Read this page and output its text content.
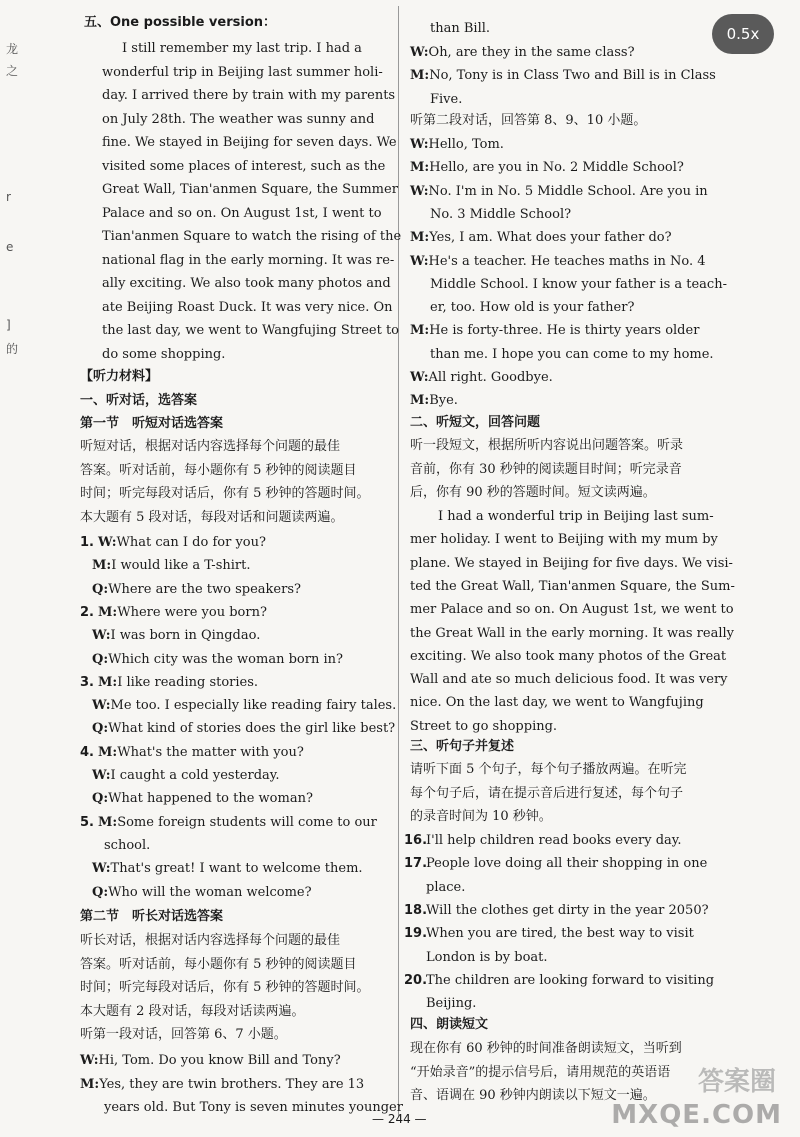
0.5x
龙
之
r
e
]
的
五、One possible version：
I still remember my last trip. I had a
wonderful trip in Beijing last summer holi-
day. I arrived there by train with my parents
on July 28th. The weather was sunny and
fine. We stayed in Beijing for seven days. We
visited some places of interest, such as the
Great Wall, Tian'anmen Square, the Summer
Palace and so on. On August 1st, I went to
Tian'anmen Square to watch the rising of the
national flag in the early morning. It was re-
ally exciting. We also took many photos and
ate Beijing Roast Duck. It was very nice. On
the last day, we went to Wangfujing Street to
do some shopping.
【听力材料】
一、听对话，选答案
第一节　听短对话选答案
听短对话，根据对话内容选择每个问题的最佳
答案。听对话前，每小题你有 5 秒钟的阅读题目
时间；听完每段对话后，你有 5 秒钟的答题时间。
本大题有 5 段对话，每段对话和问题读两遍。
1. W:What can I do for you?
M:I would like a T-shirt.
Q:Where are the two speakers?
2. M:Where were you born?
W:I was born in Qingdao.
Q:Which city was the woman born in?
3. M:I like reading stories.
W:Me too. I especially like reading fairy tales.
Q:What kind of stories does the girl like best?
4. M:What's the matter with you?
W:I caught a cold yesterday.
Q:What happened to the woman?
5. M:Some foreign students will come to our
school.
W:That's great! I want to welcome them.
Q:Who will the woman welcome?
第二节　听长对话选答案
听长对话，根据对话内容选择每个问题的最佳
答案。听对话前，每小题你有 5 秒钟的阅读题目
时间；听完每段对话后，你有 5 秒钟的答题时间。
本大题有 2 段对话，每段对话读两遍。
听第一段对话，回答第 6、7 小题。
W:Hi, Tom. Do you know Bill and Tony?
M:Yes, they are twin brothers. They are 13
years old. But Tony is seven minutes younger
than Bill.
W:Oh, are they in the same class?
M:No, Tony is in Class Two and Bill is in Class
Five.
听第二段对话，回答第 8、9、10 小题。
W:Hello, Tom.
M:Hello, are you in No. 2 Middle School?
W:No. I'm in No. 5 Middle School. Are you in
No. 3 Middle School?
M:Yes, I am. What does your father do?
W:He's a teacher. He teaches maths in No. 4
Middle School. I know your father is a teach-
er, too. How old is your father?
M:He is forty-three. He is thirty years older
than me. I hope you can come to my home.
W:All right. Goodbye.
M:Bye.
二、听短文，回答问题
听一段短文，根据所听内容说出问题答案。听录
音前，你有 30 秒钟的阅读题目时间；听完录音
后，你有 90 秒的答题时间。短文读两遍。
I had a wonderful trip in Beijing last sum-
mer holiday. I went to Beijing with my mum by
plane. We stayed in Beijing for five days. We visi-
ted the Great Wall, Tian'anmen Square, the Sum-
mer Palace and so on. On August 1st, we went to
the Great Wall in the early morning. It was really
exciting. We also took many photos of the Great
Wall and ate so much delicious food. It was very
nice. On the last day, we went to Wangfujing
Street to go shopping.
三、听句子并复述
请听下面 5 个句子，每个句子播放两遍。在听完
每个句子后，请在提示音后进行复述，每个句子
的录音时间为 10 秒钟。
16.
I'll help children read books every day.
17.
People love doing all their shopping in one
place.
18.
Will the clothes get dirty in the year 2050?
19.
When you are tired, the best way to visit
London is by boat.
20.
The children are looking forward to visiting
Beijing.
四、朗读短文
现在你有 60 秒钟的时间准备朗读短文，当听到
“开始录音”的提示信号后，请用规范的英语语
音、语调在 90 秒钟内朗读以下短文一遍。
— 244 —
答案圈
MXQE.COM
